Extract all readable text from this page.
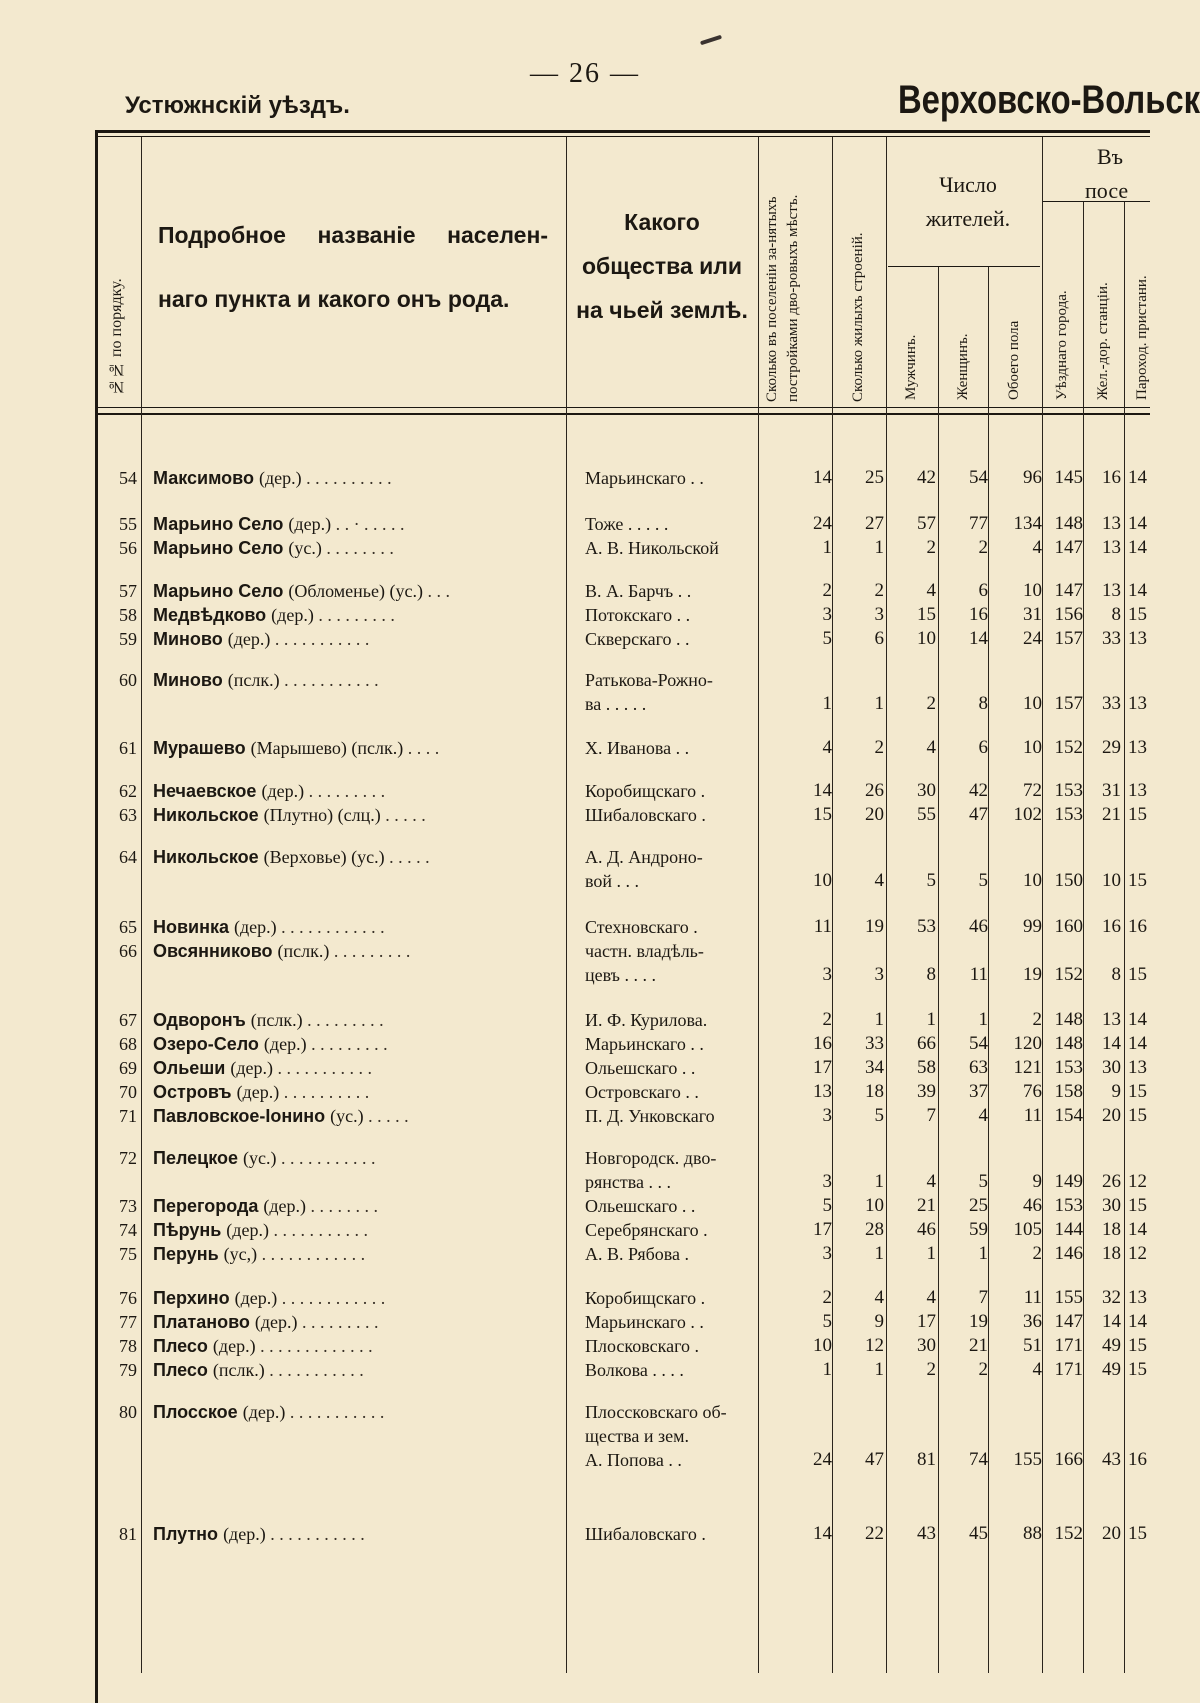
— 26 —
Устюжнскій уѣздъ.	Верховско-Вольск
№№ по порядку.
Подробное названіе населен-
наго пункта и какого онъ рода.
Какого
общества или
на чьей землѣ. Сколько въ поселеніи за-нятыхъ постройками дво-ровыхъ мѣстъ.	Сколько жилыхъ строеній.
Число
жителей.
Мужчинъ. Женщинъ. Обоего пола
Въ
посе
Уѣзднаго города. Жел.-дор. станціи. Пароход. пристани.
54 Максимово (дер.) . . . . . . . . . .	Марьинскаго . .	14	25	42	54	96 145	16 14
55 Марьино Село (дер.) . . · . . . . .	Тоже . . . . .	24	27	57	77	134 148	13 14
56 Марьино Село (ус.) . . . . . . . .	А. В. Никольской	1	1	2	2	4 147	13 14
57 Марьино Село (Обломенье) (ус.) . . .	В. А. Барчъ . .	2	2	4	6	10 147	13 14
58 Медвѣдково (дер.) . . . . . . . . .	Потокскаго . .	3	3	15	16	31 156	8 15
59 Миново (дер.) . . . . . . . . . . .	Скверскаго . .	5	6	10	14	24 157	33 13
60 Миново (пслк.) . . . . . . . . . . .	Ратькова-Рожно-
ва . . . . .	1	1	2	8	10 157	33 13
61 Мурашево (Марышево) (пслк.) . . . .	Х. Иванова . .	4	2	4	6	10 152	29 13
62 Нечаевское (дер.) . . . . . . . . .	Коробищскаго .	14	26	30	42	72 153	31 13
63 Никольское (Плутно) (слц.) . . . . .	Шибаловскаго .	15	20	55	47	102 153	21 15
64 Никольское (Верховье) (ус.) . . . . .	А. Д. Андроно-
вой . . .	10	4	5	5	10 150	10 15
65 Новинка (дер.) . . . . . . . . . . . .	Стехновскаго .	11	19	53	46	99 160	16 16
66 Овсянниково (пслк.) . . . . . . . . .	частн. владѣль-
цевъ . . . .	3	3	8	11	19 152	8 15
67 Одворонъ (пслк.) . . . . . . . . .	И. Ф. Курилова.	2	1	1	1	2 148	13 14
68 Озеро-Село (дер.) . . . . . . . . .	Марьинскаго . .	16	33	66	54	120 148	14 14
69 Ольеши (дер.) . . . . . . . . . . .	Ольешскаго . .	17	34	58	63	121 153	30 13
70 Островъ (дер.) . . . . . . . . . .	Островскаго . .	13	18	39	37	76 158	9 15
71 Павловское-Іонино (ус.) . . . . .	П. Д. Унковскаго	3	5	7	4	11 154	20 15
72 Пелецкое (ус.) . . . . . . . . . . .	Новгородск. дво-
рянства . . .	3	1	4	5	9 149	26 12
73 Перегорода (дер.) . . . . . . . .	Ольешскаго . .	5	10	21	25	46 153	30 15
74 Пѣрунь (дер.) . . . . . . . . . . .	Серебрянскаго .	17	28	46	59	105 144	18 14
75 Перунь (ус,) . . . . . . . . . . . .	А. В. Рябова .	3	1	1	1	2 146	18 12
76 Перхино (дер.) . . . . . . . . . . . .	Коробищскаго .	2	4	4	7	11 155	32 13
77 Платаново (дер.) . . . . . . . . .	Марьинскаго . .	5	9	17	19	36 147	14 14
78 Плесо (дер.) . . . . . . . . . . . . .	Плосковскаго .	10	12	30	21	51 171	49 15
79 Плесо (пслк.) . . . . . . . . . . .	Волкова . . . .	1	1	2	2	4 171	49 15
80 Плосское (дер.) . . . . . . . . . . .	Плоссковскаго об-
щества и зем.
А. Попова . .	24	47	81	74	155 166	43 16
81 Плутно (дер.) . . . . . . . . . . .	Шибаловскаго .	14	22	43	45	88 152	20 15
